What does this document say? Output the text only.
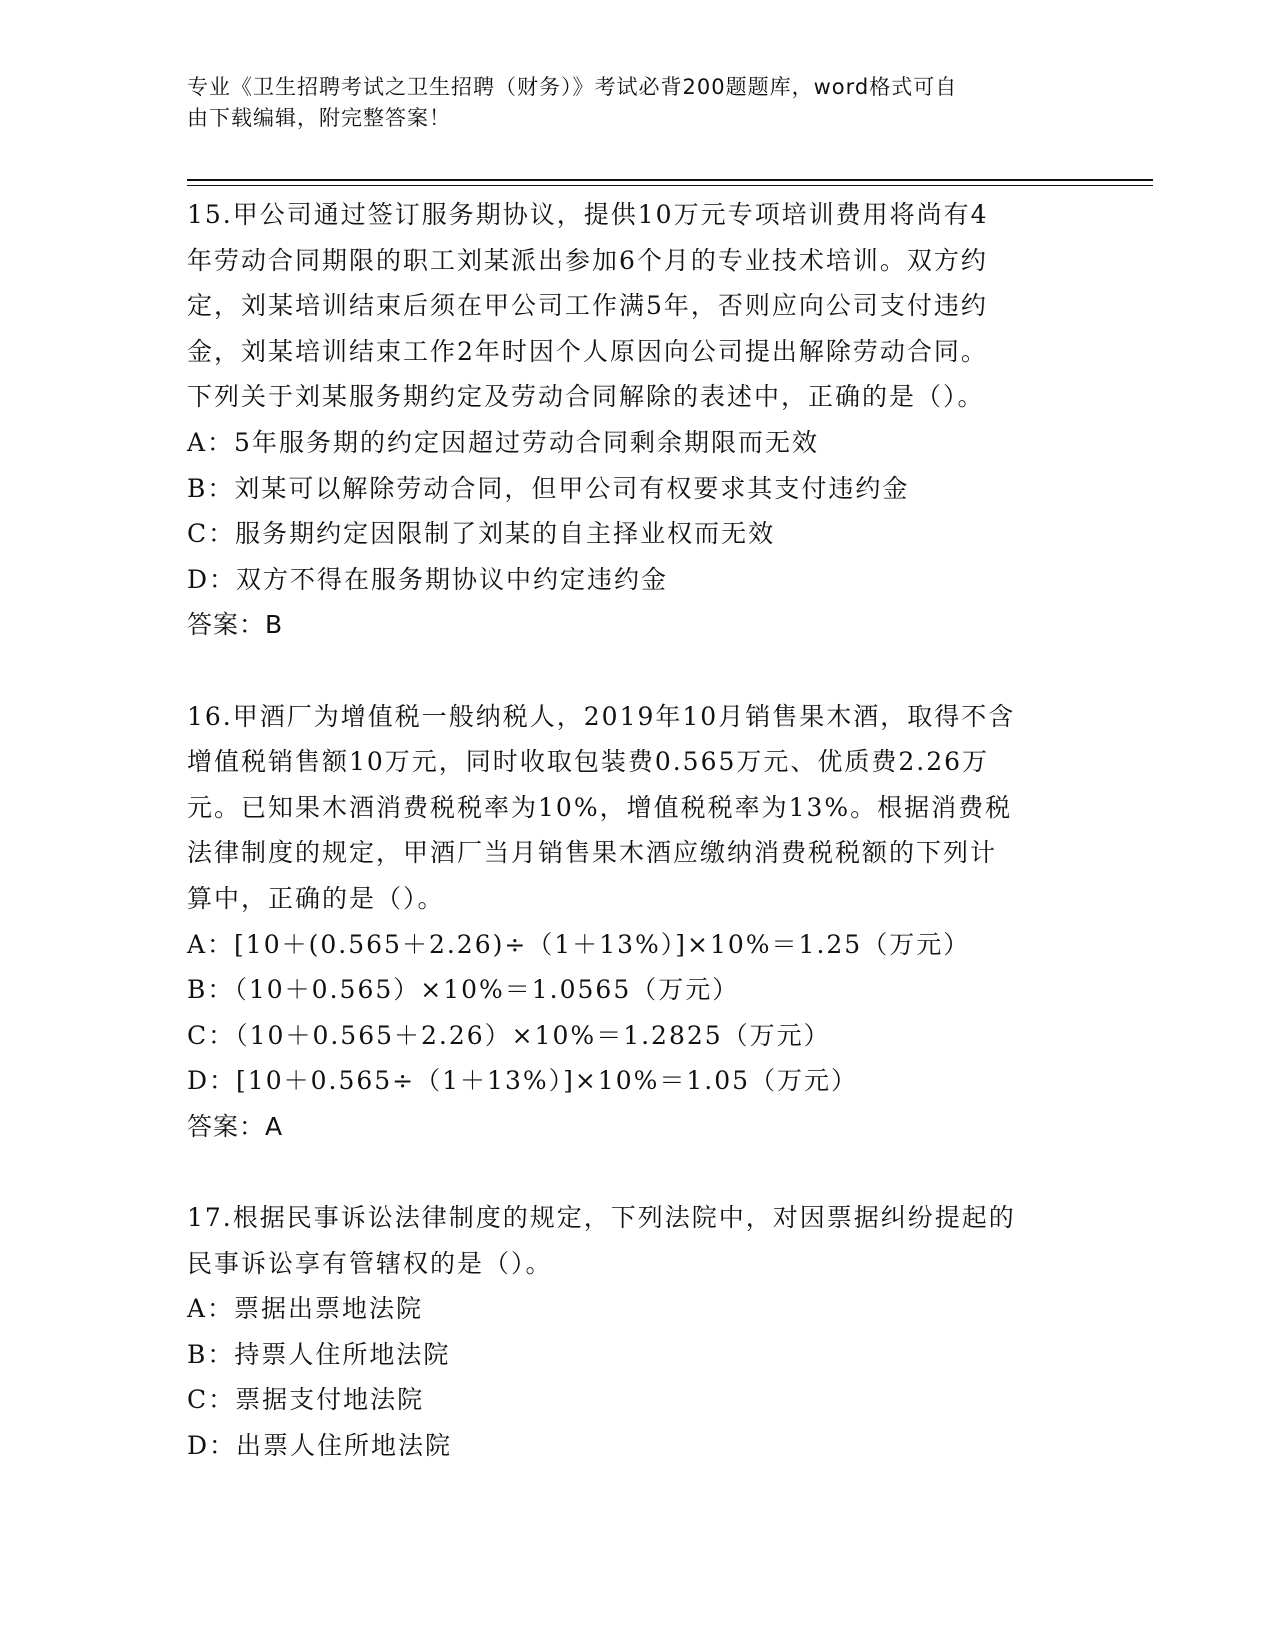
专业《卫生招聘考试之卫生招聘（财务）》考试必背200题题库，word格式可自
由下载编辑，附完整答案！
15.甲公司通过签订服务期协议，提供10万元专项培训费用将尚有4
年劳动合同期限的职工刘某派出参加6个月的专业技术培训。双方约
定，刘某培训结束后须在甲公司工作满5年，否则应向公司支付违约
金，刘某培训结束工作2年时因个人原因向公司提出解除劳动合同。
下列关于刘某服务期约定及劳动合同解除的表述中，正确的是（）。
A：5年服务期的约定因超过劳动合同剩余期限而无效
B：刘某可以解除劳动合同，但甲公司有权要求其支付违约金
C：服务期约定因限制了刘某的自主择业权而无效
D：双方不得在服务期协议中约定违约金
答案：B
16.甲酒厂为增值税一般纳税人，2019年10月销售果木酒，取得不含
增值税销售额10万元，同时收取包装费0.565万元、优质费2.26万
元。已知果木酒消费税税率为10%，增值税税率为13%。根据消费税
法律制度的规定，甲酒厂当月销售果木酒应缴纳消费税税额的下列计
算中，正确的是（）。
A：[10＋(0.565＋2.26)÷（1＋13%）]×10%＝1.25（万元）
B：（10＋0.565）×10%＝1.0565（万元）
C：（10＋0.565＋2.26）×10%＝1.2825（万元）
D：[10＋0.565÷（1＋13%）]×10%＝1.05（万元）
答案：A
17.根据民事诉讼法律制度的规定，下列法院中，对因票据纠纷提起的
民事诉讼享有管辖权的是（）。
A：票据出票地法院
B：持票人住所地法院
C：票据支付地法院
D：出票人住所地法院
